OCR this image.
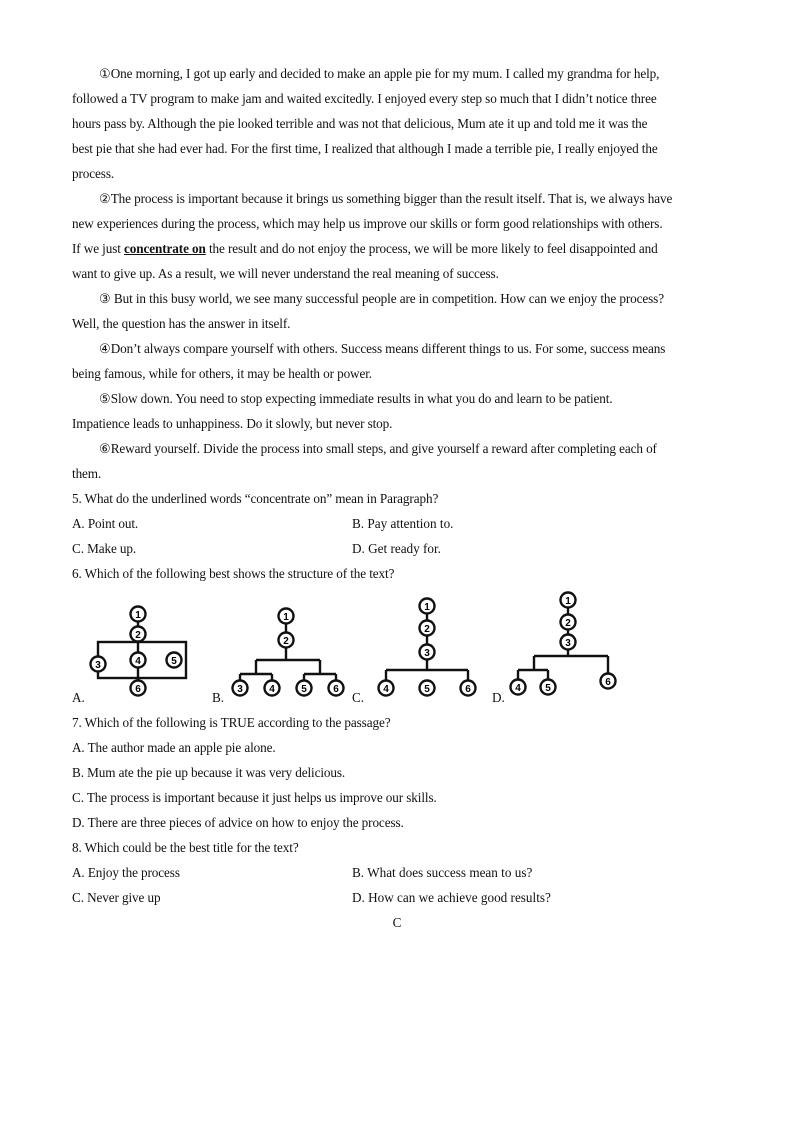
①One morning, I got up early and decided to make an apple pie for my mum. I called my grandma for help,
followed a TV program to make jam and waited excitedly. I enjoyed every step so much that I didn’t notice three
hours pass by. Although the pie looked terrible and was not that delicious, Mum ate it up and told me it was the
best pie that she had ever had. For the first time, I realized that although I made a terrible pie, I really enjoyed the
process.
②The process is important because it brings us something bigger than the result itself. That is, we always have
new experiences during the process, which may help us improve our skills or form good relationships with others.
If we just concentrate on the result and do not enjoy the process, we will be more likely to feel disappointed and
want to give up. As a result, we will never understand the real meaning of success.
③ But in this busy world, we see many successful people are in competition. How can we enjoy the process?
Well, the question has the answer in itself.
④Don’t always compare yourself with others. Success means different things to us. For some, success means
being famous, while for others, it may be health or power.
⑤Slow down. You need to stop expecting immediate results in what you do and learn to be patient.
Impatience leads to unhappiness. Do it slowly, but never stop.
⑥Reward yourself. Divide the process into small steps, and give yourself a reward after completing each of
them.
5. What do the underlined words “concentrate on” mean in Paragraph?
A. Point out.	B. Pay attention to.
C. Make up.	D. Get ready for.
6. Which of the following best shows the structure of the text?
A.
1
2
3	4	5
6
B.
1
2
3	4	5	6
C.
1
2
3
4	5	6
D.
1
2
3
4 5
6
7. Which of the following is TRUE according to the passage?
A. The author made an apple pie alone.
B. Mum ate the pie up because it was very delicious.
C. The process is important because it just helps us improve our skills.
D. There are three pieces of advice on how to enjoy the process.
8. Which could be the best title for the text?
A. Enjoy the process	B. What does success mean to us?
C. Never give up	D. How can we achieve good results?
C
